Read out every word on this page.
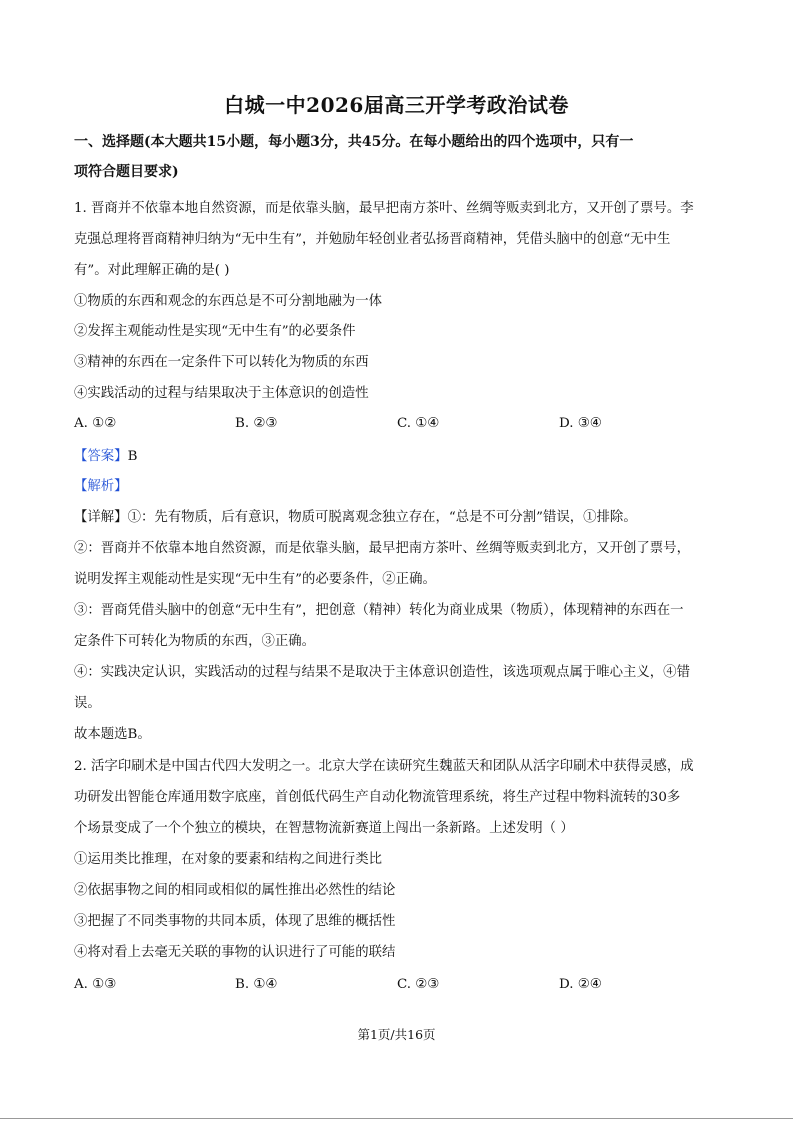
白城一中2026届高三开学考政治试卷
一、选择题(本大题共15小题，每小题3分，共45分。在每小题给出的四个选项中，只有一
项符合题目要求)
1. 晋商并不依靠本地自然资源，而是依靠头脑，最早把南方茶叶、丝绸等贩卖到北方，又开创了票号。李
克强总理将晋商精神归纳为“无中生有”，并勉励年轻创业者弘扬晋商精神，凭借头脑中的创意“无中生
有”。对此理解正确的是( )
①物质的东西和观念的东西总是不可分割地融为一体
②发挥主观能动性是实现“无中生有”的必要条件
③精神的东西在一定条件下可以转化为物质的东西
④实践活动的过程与结果取决于主体意识的创造性
A. ①②	B. ②③	C. ①④	D. ③④
【答案】B
【解析】
【详解】①：先有物质，后有意识，物质可脱离观念独立存在，“总是不可分割”错误，①排除。
②：晋商并不依靠本地自然资源，而是依靠头脑，最早把南方茶叶、丝绸等贩卖到北方，又开创了票号，
说明发挥主观能动性是实现“无中生有”的必要条件，②正确。
③：晋商凭借头脑中的创意“无中生有”，把创意（精神）转化为商业成果（物质），体现精神的东西在一
定条件下可转化为物质的东西，③正确。
④：实践决定认识，实践活动的过程与结果不是取决于主体意识创造性，该选项观点属于唯心主义，④错
误。
故本题选B。
2. 活字印刷术是中国古代四大发明之一。北京大学在读研究生魏蓝天和团队从活字印刷术中获得灵感，成
功研发出智能仓库通用数字底座，首创低代码生产自动化物流管理系统，将生产过程中物料流转的30多
个场景变成了一个个独立的模块，在智慧物流新赛道上闯出一条新路。上述发明（ ）
①运用类比推理，在对象的要素和结构之间进行类比
②依据事物之间的相同或相似的属性推出必然性的结论
③把握了不同类事物的共同本质，体现了思维的概括性
④将对看上去毫无关联的事物的认识进行了可能的联结
A. ①③	B. ①④	C. ②③	D. ②④
第1页/共16页
